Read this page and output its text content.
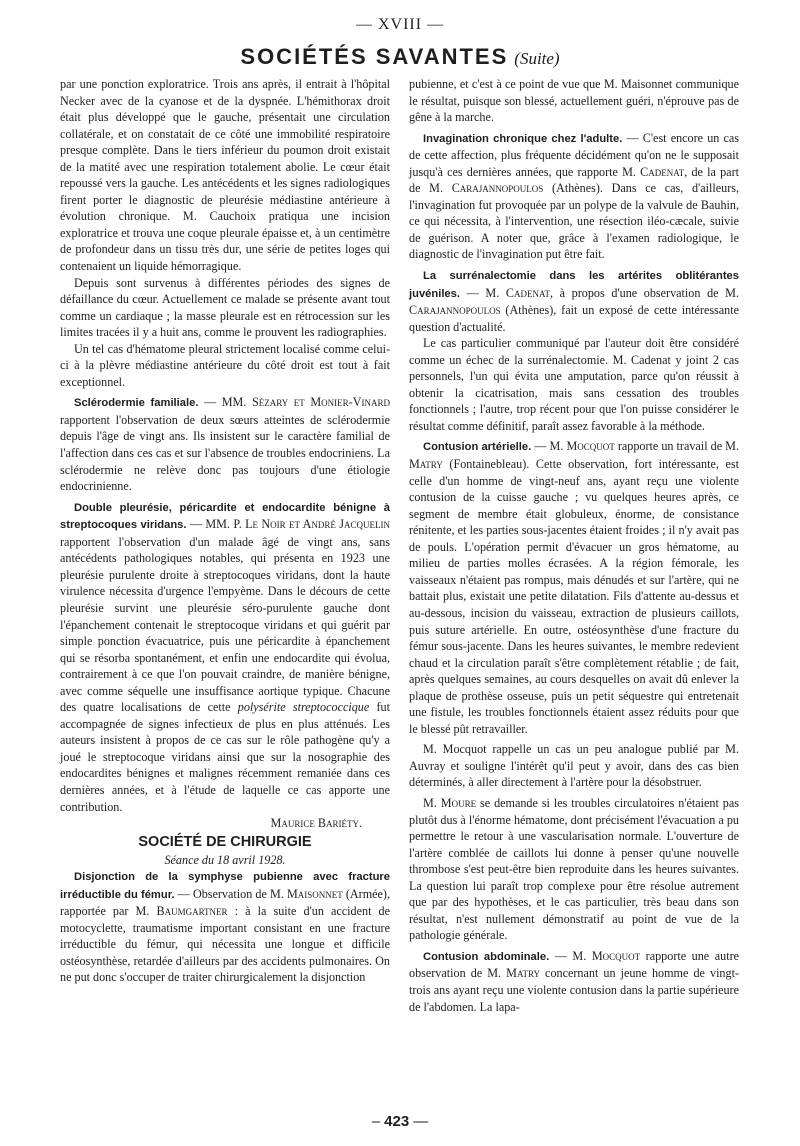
— XVIII —
SOCIÉTÉS SAVANTES (Suite)

par une ponction exploratrice. Trois ans après, il entrait à l'hôpital Necker avec de la cyanose et de la dyspnée. L'hémithorax droit était plus développé que le gauche, présentait une circulation collatérale, et on constatait de ce côté une immobilité respiratoire presque complète. Dans le tiers inférieur du poumon droit existait de la matité avec une respiration totalement abolie. Le cœur était repoussé vers la gauche. Les antécédents et les signes radiologiques firent porter le diagnostic de pleurésie médiastine antérieure à évolution chronique. M. Cauchoix pratiqua une incision exploratrice et trouva une coque pleurale épaisse et, à un centimètre de profondeur dans un tissu très dur, une série de petites loges qui contenaient un liquide hémorragique.

Depuis sont survenus à différentes périodes des signes de défaillance du cœur. Actuellement ce malade se présente avant tout comme un cardiaque ; la masse pleurale est en rétrocession sur les limites tracées il y a huit ans, comme le prouvent les radiographies.

Un tel cas d'hématome pleural strictement localisé comme celui-ci à la plèvre médiastine antérieure du côté droit est tout à fait exceptionnel.

Sclérodermie familiale. — MM. Sézary et Monier-Vinard rapportent l'observation de deux sœurs atteintes de sclérodermie depuis l'âge de vingt ans. Ils insistent sur le caractère familial de l'affection dans ces cas et sur l'absence de troubles endocriniens. La sclérodermie ne relève donc pas toujours d'une étiologie endocrinienne.

Double pleurésie, péricardite et endocardite bénigne à streptocoques viridans. — MM. P. Le Noir et André Jacquelin rapportent l'observation d'un malade âgé de vingt ans, sans antécédents pathologiques notables, qui présenta en 1923 une pleurésie purulente droite à streptocoques viridans, dont la haute virulence nécessita d'urgence l'empyème. Dans le décours de cette pleurésie survint une pleurésie séro-purulente gauche dont l'épanchement contenait le streptocoque viridans et qui guérit par simple ponction évacuatrice, puis une péricardite à épanchement qui se résorba spontanément, et enfin une endocardite qui évolua, contrairement à ce que l'on pouvait craindre, de manière bénigne, avec comme séquelle une insuffisance aortique typique. Chacune des quatre localisations de cette polysérite streptococcique fut accompagnée de signes infectieux de plus en plus atténués. Les auteurs insistent à propos de ce cas sur le rôle pathogène qu'y a joué le streptocoque viridans ainsi que sur la nosographie des endocardites bénignes et malignes récemment remaniée dans ces dernières années, et à l'étude de laquelle ce cas apporte une contribution.

Maurice Bariéty.

SOCIÉTÉ DE CHIRURGIE

Séance du 18 avril 1928.

Disjonction de la symphyse pubienne avec fracture irréductible du fémur. — Observation de M. Maisonnet (Armée), rapportée par M. Baumgartner : à la suite d'un accident de motocyclette, traumatisme important consistant en une fracture irréductible du fémur, qui nécessita une longue et difficile ostéosynthèse, retardée d'ailleurs par des accidents pulmonaires. On ne put donc s'occuper de traiter chirurgicalement la disjonction

pubienne, et c'est à ce point de vue que M. Maisonnet communique le résultat, puisque son blessé, actuellement guéri, n'éprouve pas de gêne à la marche.

Invagination chronique chez l'adulte. — C'est encore un cas de cette affection, plus fréquente décidément qu'on ne le supposait jusqu'à ces dernières années, que rapporte M. Cadenat, de la part de M. Carajannopoulos (Athènes). Dans ce cas, d'ailleurs, l'invagination fut provoquée par un polype de la valvule de Bauhin, ce qui nécessita, à l'intervention, une résection iléo-cæcale, suivie de guérison. A noter que, grâce à l'examen radiologique, le diagnostic de l'invagination put être fait.

La surrénalectomie dans les artérites oblitérantes juvéniles. — M. Cadenat, à propos d'une observation de M. Carajannopoulos (Athènes), fait un exposé de cette intéressante question d'actualité.

Le cas particulier communiqué par l'auteur doit être considéré comme un échec de la surrénalectomie. M. Cadenat y joint 2 cas personnels, l'un qui évita une amputation, parce qu'on réussit à obtenir la cicatrisation, mais sans cessation des troubles fonctionnels ; l'autre, trop récent pour que l'on puisse considérer le résultat comme définitif, paraît assez favorable à la méthode.

Contusion artérielle. — M. Mocquot rapporte un travail de M. Matry (Fontainebleau). Cette observation, fort intéressante, est celle d'un homme de vingt-neuf ans, ayant reçu une violente contusion de la cuisse gauche ; vu quelques heures après, ce segment de membre était globuleux, énorme, de consistance rénitente, et les parties sous-jacentes étaient froides ; il n'y avait pas de pouls. L'opération permit d'évacuer un gros hématome, au milieu de parties molles écrasées. A la région fémorale, les vaisseaux n'étaient pas rompus, mais dénudés et sur l'artère, qui ne battait plus, existait une petite dilatation. Fils d'attente au-dessus et au-dessous, incision du vaisseau, extraction de plusieurs caillots, puis suture artérielle. En outre, ostéosynthèse d'une fracture du fémur sous-jacente. Dans les heures suivantes, le membre redevient chaud et la circulation paraît s'être complètement rétablie ; de fait, après quelques semaines, au cours desquelles on avait dû enlever la plaque de prothèse osseuse, puis un petit séquestre qui entretenait une fistule, les troubles fonctionnels étaient assez réduits pour que le blessé pût retravailler.

M. Mocquot rappelle un cas un peu analogue publié par M. Auvray et souligne l'intérêt qu'il peut y avoir, dans des cas bien déterminés, à aller directement à l'artère pour la désobstruer.

M. Moure se demande si les troubles circulatoires n'étaient pas plutôt dus à l'énorme hématome, dont précisément l'évacuation a pu permettre le retour à une vascularisation normale. L'ouverture de l'artère comblée de caillots lui donne à penser qu'une nouvelle thrombose s'est peut-être bien reproduite dans les heures suivantes. La question lui paraît trop complexe pour être résolue autrement que par des hypothèses, et le cas particulier, très beau dans son résultat, n'est nullement démonstratif au point de vue de la pathologie générale.

Contusion abdominale. — M. Mocquot rapporte une autre observation de M. Matry concernant un jeune homme de vingt-trois ans ayant reçu une violente contusion dans la partie supérieure de l'abdomen. La lapa-

– 423 —
